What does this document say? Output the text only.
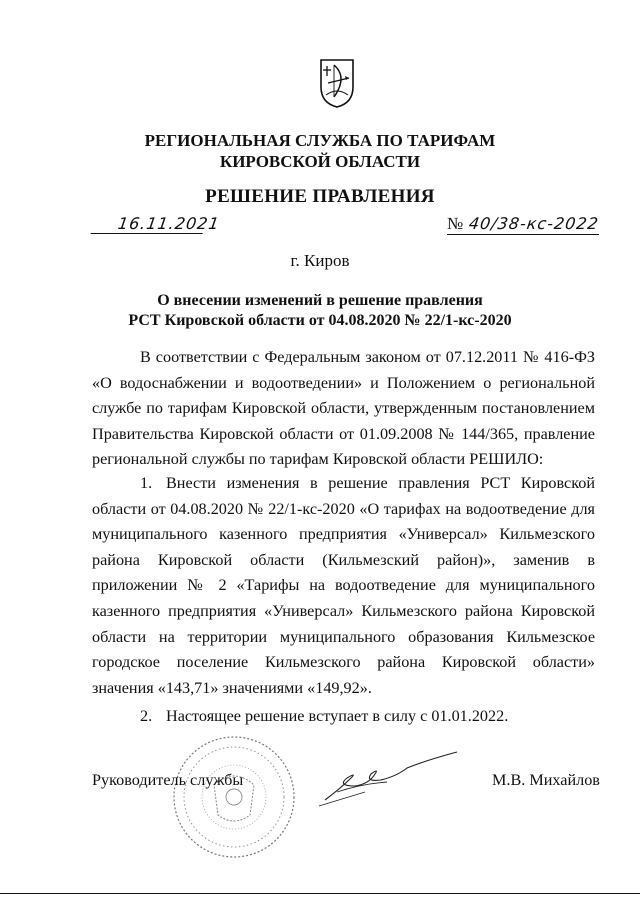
РЕГИОНАЛЬНАЯ СЛУЖБА ПО ТАРИФАМ
КИРОВСКОЙ ОБЛАСТИ
РЕШЕНИЕ ПРАВЛЕНИЯ
16.11.2021	№ 40/38-кс-2022
г. Киров
О внесении изменений в решение правления
РСТ Кировской области от 04.08.2020 № 22/1-кс-2020

В соответствии с Федеральным законом от 07.12.2011 № 416-ФЗ «О водоснабжении и водоотведении» и Положением о региональной службе по тарифам Кировской области, утвержденным постановлением Правительства Кировской области от 01.09.2008 № 144/365, правление региональной службы по тарифам Кировской области РЕШИЛО:

1. Внести изменения в решение правления РСТ Кировской области от 04.08.2020 № 22/1-кс-2020 «О тарифах на водоотведение для муниципального казенного предприятия «Универсал» Кильмезского района Кировской области (Кильмезский район)», заменив в приложении № 2 «Тарифы на водоотведение для муниципального казенного предприятия «Универсал» Кильмезского района Кировской области на территории муниципального образования Кильмезское городское поселение Кильмезского района Кировской области» значения «143,71» значениями «149,92».

2. Настоящее решение вступает в силу с 01.01.2022.

Руководитель службы	М.В. Михайлов
